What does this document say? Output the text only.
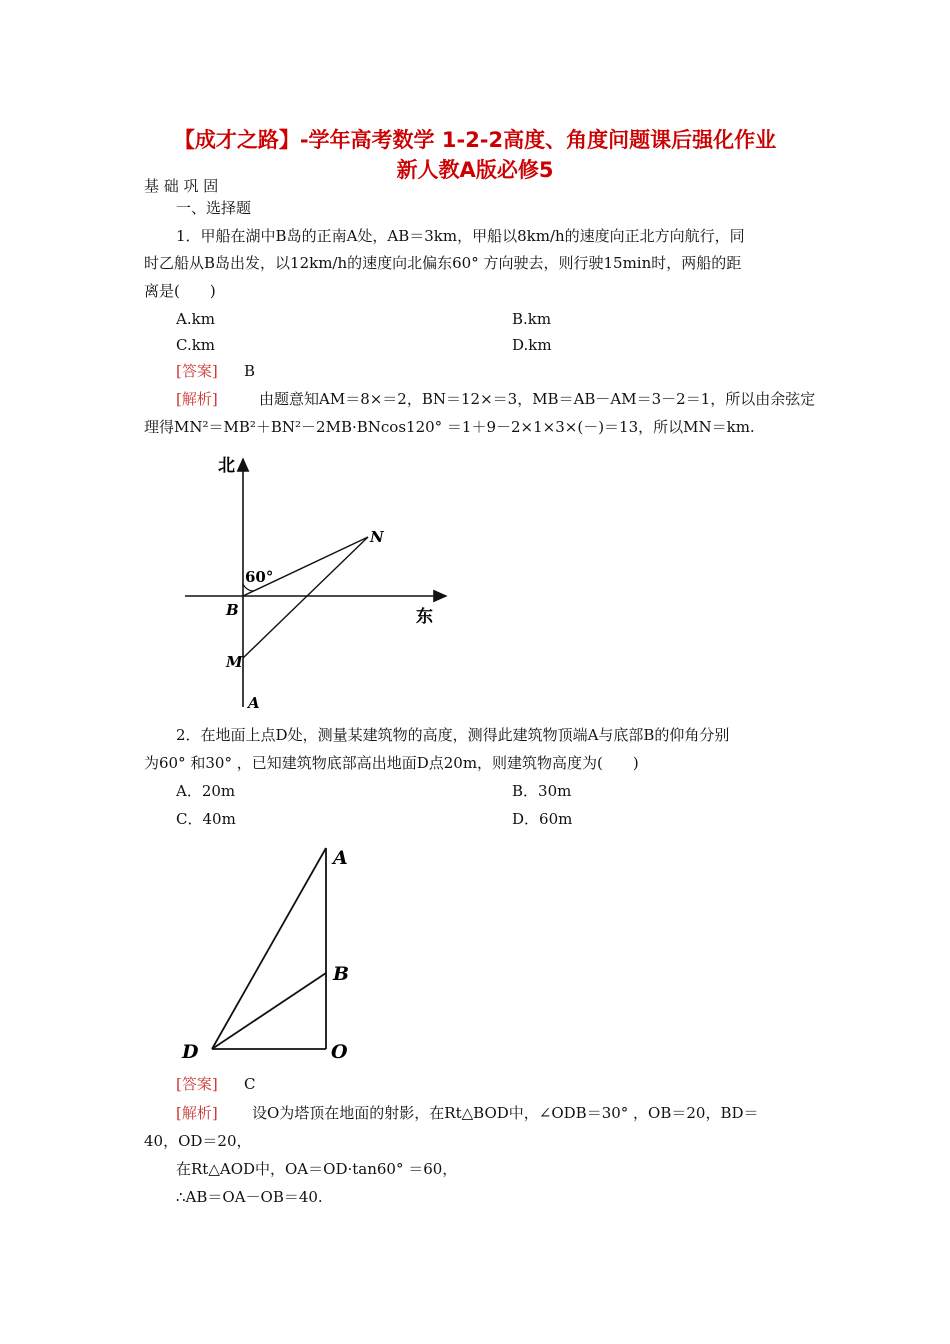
【成才之路】-学年高考数学 1-2-2高度、角度问题课后强化作业
新人教A版必修5
基 础 巩 固
一、选择题
1．甲船在湖中B岛的正南A处，AB＝3km，甲船以8km/h的速度向正北方向航行，同
时乙船从B岛出发，以12km/h的速度向北偏东60° 方向驶去，则行驶15min时，两船的距
离是(　　)
A.km	B.km
C.km	D.km
[答案] B
[解析]	由题意知AM＝8×＝2，BN＝12×＝3，MB＝AB－AM＝3－2＝1，所以由余弦定
理得MN²＝MB²＋BN²－2MB·BNcos120° ＝1＋9－2×1×3×(－)＝13，所以MN＝km.
北
东
60°
B
N
M
A
2．在地面上点D处，测量某建筑物的高度，测得此建筑物顶端A与底部B的仰角分别
为60° 和30° ，已知建筑物底部高出地面D点20m，则建筑物高度为(　　)
A．20m	B．30m
C．40m	D．60m
A
B
D	O
[答案] C
[解析] 设O为塔顶在地面的射影，在Rt△BOD中，∠ODB＝30° ，OB＝20，BD＝
40，OD＝20，
在Rt△AOD中，OA＝OD·tan60° ＝60，
∴AB＝OA－OB＝40.
